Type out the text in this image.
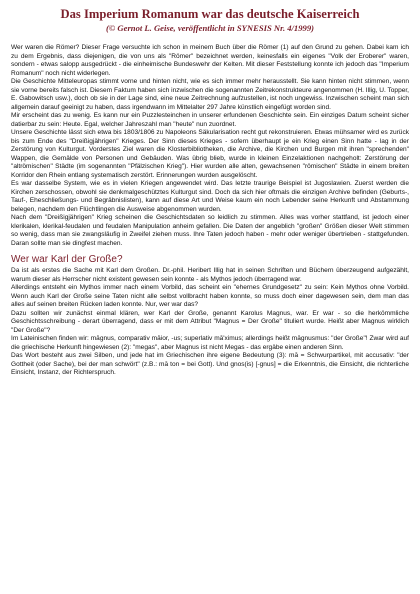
Das Imperium Romanum war das deutsche Kaiserreich

(© Gernot L. Geise, veröffentlicht in SYNESIS Nr. 4/1999)

Wer waren die Römer? Dieser Frage versuchte ich schon in meinem Buch über die Römer (1) auf den Grund zu gehen. Dabei kam ich zu dem Ergebnis, dass diejenigen, die von uns als "Römer" bezeichnet werden, keinesfalls ein eigenes "Volk der Eroberer" waren, sondern - etwas salopp ausgedrückt - die einheimische Bundeswehr der Kelten. Mit dieser Feststellung konnte ich jedoch das "Imperium Romanum" noch nicht widerlegen.

Die Geschichte Mitteleuropas stimmt vorne und hinten nicht, wie es sich immer mehr herausstellt. Sie kann hinten nicht stimmen, wenn sie vorne bereits falsch ist. Diesem Faktum haben sich inzwischen die sogenannten Zeitrekonstrukteure angenommen (H. Illig, U. Topper, E. Gabowitsch usw.), doch ob sie in der Lage sind, eine neue Zeitrechnung aufzustellen, ist noch ungewiss. Inzwischen scheint man sich allgemein darauf geeinigt zu haben, dass irgendwann im Mittelalter 297 Jahre künstlich eingefügt worden sind.

Mir erscheint das zu wenig. Es kann nur ein Puzzlesteinchen in unserer erfundenen Geschichte sein. Ein einziges Datum scheint sicher datierbar zu sein: Heute. Egal, welcher Jahreszahl man "heute" nun zuordnet.

Unsere Geschichte lässt sich etwa bis 1803/1806 zu Napoleons Säkularisation recht gut rekonstruieren. Etwas mühsamer wird es zurück bis zum Ende des "Dreißigjährigen" Krieges. Der Sinn dieses Krieges - sofern überhaupt je ein Krieg einen Sinn hatte - lag in der Zerstörung von Kulturgut. Vorderstes Ziel waren die Klosterbibliotheken, die Archive, die Kirchen und Burgen mit ihren "sprechenden" Wappen, die Gemälde von Personen und Gebäuden. Was übrig blieb, wurde in kleinen Einzelaktionen nachgeholt: Zerstörung der "altrömischen" Städte (im sogenannten "Pfälzischen Krieg"). Hier wurden alle alten, gewachsenen "römischen" Städte in einem breiten Korridor den Rhein entlang systematisch zerstört. Erinnerungen wurden ausgelöscht.

Es war dasselbe System, wie es in vielen Kriegen angewendet wird. Das letzte traurige Beispiel ist Jugoslawien. Zuerst werden die Kirchen zerschossen, obwohl sie denkmalgeschütztes Kulturgut sind. Doch da sich hier oftmals die einzigen Archive befinden (Geburts-, Tauf-, Eheschließungs- und Begräbnislisten), kann auf diese Art und Weise kaum ein noch Lebender seine Herkunft und Abstammung belegen, nachdem den Flüchtlingen die Ausweise abgenommen wurden.

Nach dem "Dreißigjährigen" Krieg scheinen die Geschichtsdaten so leidlich zu stimmen. Alles was vorher stattfand, ist jedoch einer klerikalen, klerikal-feudalen und feudalen Manipulation anheim gefallen. Die Daten der angeblich "großen" Größen dieser Welt stimmen so wenig, dass man sie zwangsläufig in Zweifel ziehen muss. Ihre Taten jedoch haben - mehr oder weniger übertrieben - stattgefunden. Daran sollte man sie dingfest machen.

Wer war Karl der Große?

Da ist als erstes die Sache mit Karl dem Großen. Dr.-phil. Heribert Illig hat in seinen Schriften und Büchern überzeugend aufgezählt, warum dieser als Herrscher nicht existent gewesen sein konnte - als Mythos jedoch überragend war.

Allerdings entsteht ein Mythos immer nach einem Vorbild, das scheint ein "ehernes Grundgesetz" zu sein: Kein Mythos ohne Vorbild. Wenn auch Karl der Große seine Taten nicht alle selbst vollbracht haben konnte, so muss doch einer dagewesen sein, dem man das alles auf seinen breiten Rücken laden konnte. Nur, wer war das?

Dazu sollten wir zunächst einmal klären, wer Karl der Große, genannt Karolus Magnus, war. Er war - so die herkömmliche Geschichtsschreibung - derart überragend, dass er mit dem Attribut "Magnus = Der Große" tituliert wurde. Heißt aber Magnus wirklich "Der Große"?

Im Lateinischen finden wir: māgnus, comparativ māior, -us; superlativ mā'ximus; allerdings heißt māgnusmus: "der Große"! Zwar wird auf die griechische Herkunft hingewiesen (2): "megas", aber Magnus ist nicht Megas - das ergäbe einen anderen Sinn.

Das Wort besteht aus zwei Silben, und jede hat im Griechischen ihre eigene Bedeutung (3): mā = Schwurpartikel, mit accusativ: "der Gottheit (oder Sache), bei der man schwört" (z.B.: mā ton = bei Gott). Und gnos(is) [-gnus] = die Erkenntnis, die Einsicht, die richterliche Einsicht, Instanz, der Richterspruch.
